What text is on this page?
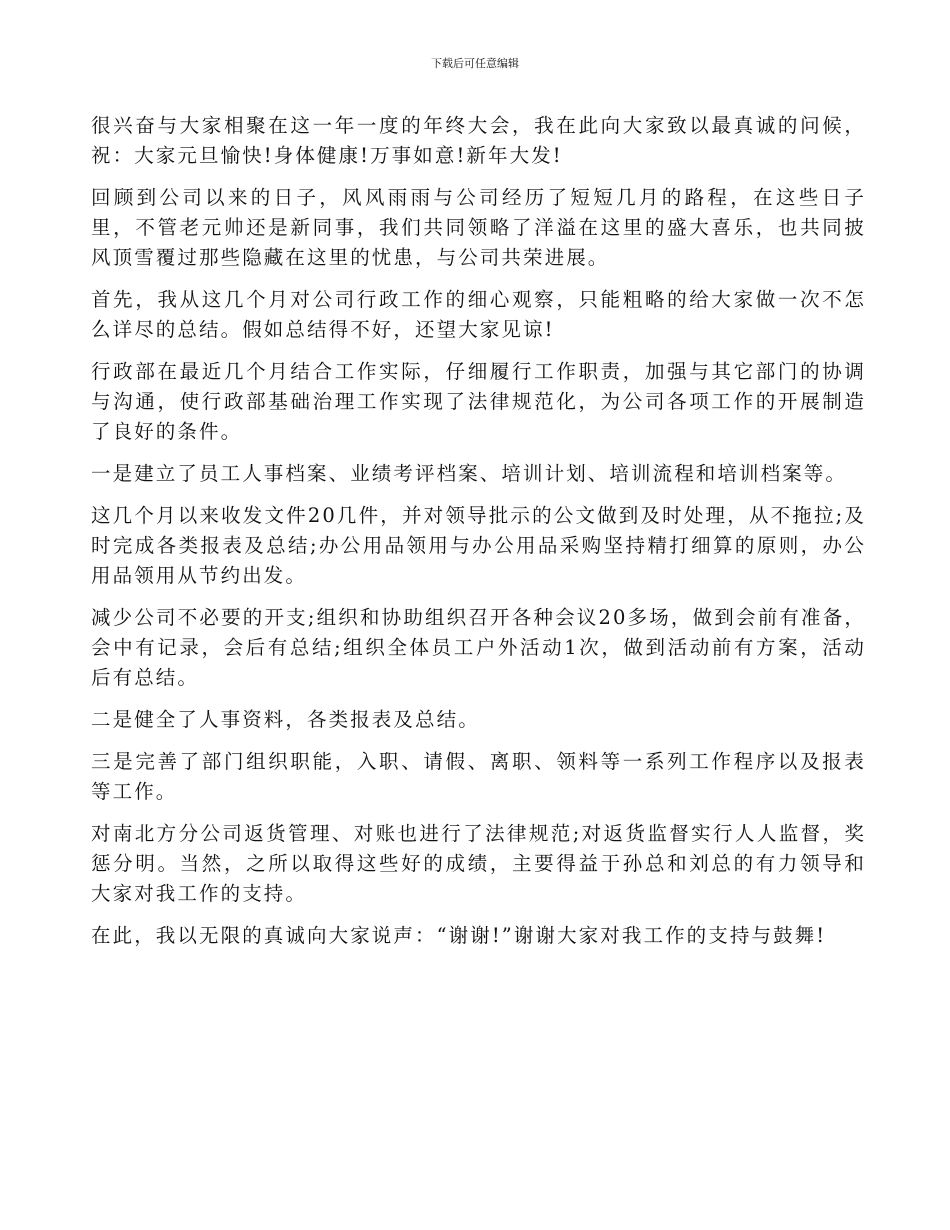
下载后可任意编辑

很兴奋与大家相聚在这一年一度的年终大会，我在此向大家致以最真诚的问候，祝：大家元旦愉快!身体健康!万事如意!新年大发!

回顾到公司以来的日子，风风雨雨与公司经历了短短几月的路程，在这些日子里，不管老元帅还是新同事，我们共同领略了洋溢在这里的盛大喜乐，也共同披风顶雪覆过那些隐藏在这里的忧患，与公司共荣进展。

首先，我从这几个月对公司行政工作的细心观察，只能粗略的给大家做一次不怎么详尽的总结。假如总结得不好，还望大家见谅!

行政部在最近几个月结合工作实际，仔细履行工作职责，加强与其它部门的协调与沟通，使行政部基础治理工作实现了法律规范化，为公司各项工作的开展制造了良好的条件。

一是建立了员工人事档案、业绩考评档案、培训计划、培训流程和培训档案等。

这几个月以来收发文件20几件，并对领导批示的公文做到及时处理，从不拖拉;及时完成各类报表及总结;办公用品领用与办公用品采购坚持精打细算的原则，办公用品领用从节约出发。

减少公司不必要的开支;组织和协助组织召开各种会议20多场，做到会前有准备，会中有记录，会后有总结;组织全体员工户外活动1次，做到活动前有方案，活动后有总结。

二是健全了人事资料，各类报表及总结。

三是完善了部门组织职能，入职、请假、离职、领料等一系列工作程序以及报表等工作。

对南北方分公司返货管理、对账也进行了法律规范;对返货监督实行人人监督，奖惩分明。当然，之所以取得这些好的成绩，主要得益于孙总和刘总的有力领导和大家对我工作的支持。

在此，我以无限的真诚向大家说声：“谢谢!”谢谢大家对我工作的支持与鼓舞!
